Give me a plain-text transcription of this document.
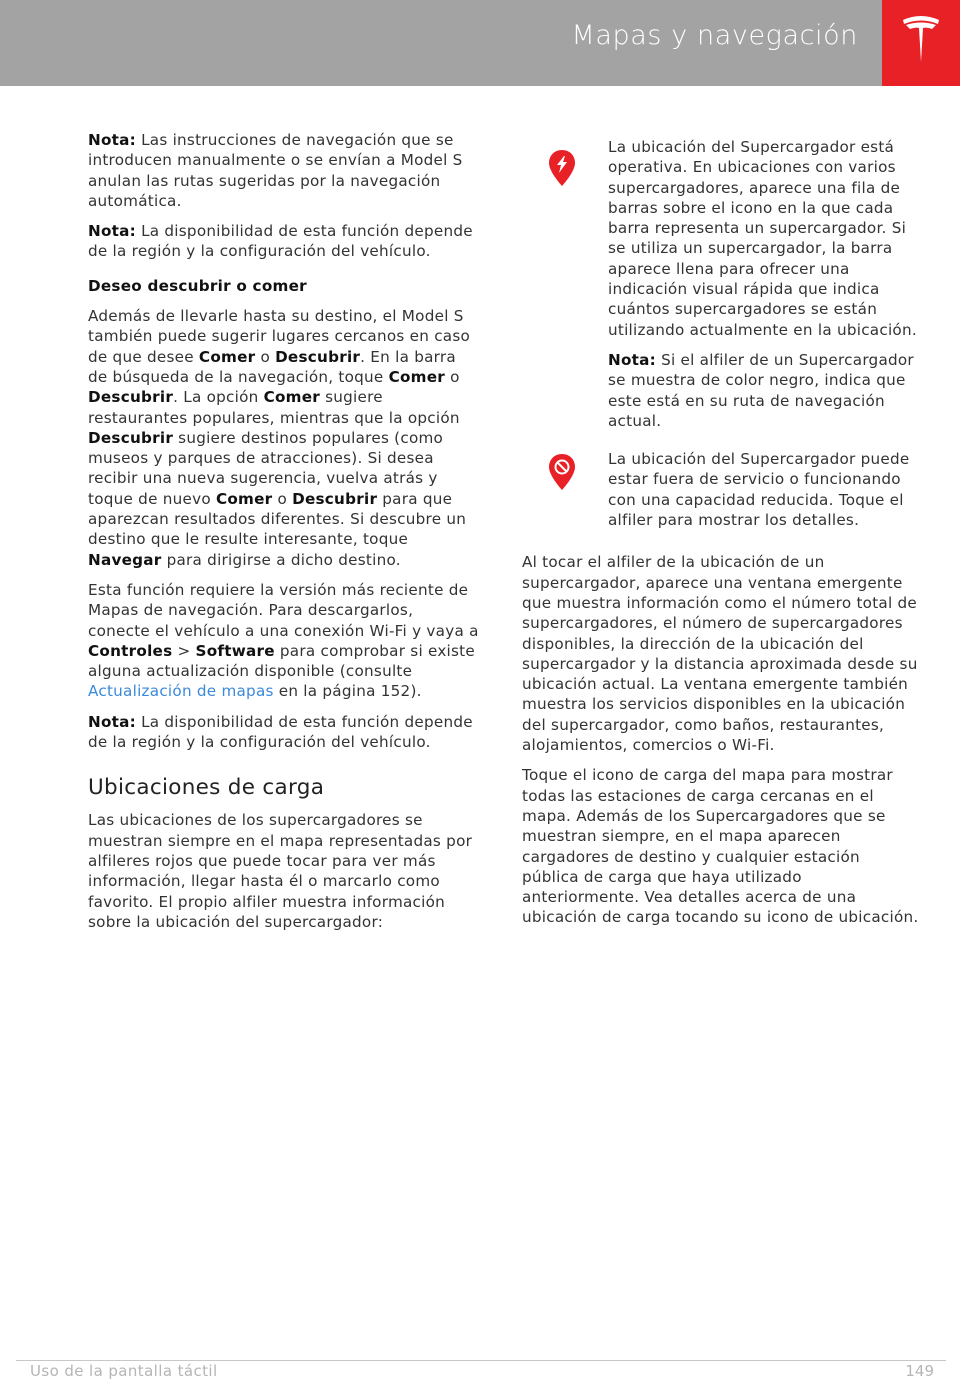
Mapas y navegación

Nota: Las instrucciones de navegación que se introducen manualmente o se envían a Model S anulan las rutas sugeridas por la navegación automática.

Nota: La disponibilidad de esta función depende de la región y la configuración del vehículo.

Deseo descubrir o comer

Además de llevarle hasta su destino, el Model S también puede sugerir lugares cercanos en caso de que desee Comer o Descubrir. En la barra de búsqueda de la navegación, toque Comer o Descubrir. La opción Comer sugiere restaurantes populares, mientras que la opción Descubrir sugiere destinos populares (como museos y parques de atracciones). Si desea recibir una nueva sugerencia, vuelva atrás y toque de nuevo Comer o Descubrir para que aparezcan resultados diferentes. Si descubre un destino que le resulte interesante, toque Navegar para dirigirse a dicho destino.

Esta función requiere la versión más reciente de Mapas de navegación. Para descargarlos, conecte el vehículo a una conexión Wi-Fi y vaya a Controles > Software para comprobar si existe alguna actualización disponible (consulte Actualización de mapas en la página 152).

Nota: La disponibilidad de esta función depende de la región y la configuración del vehículo.

Ubicaciones de carga

Las ubicaciones de los supercargadores se muestran siempre en el mapa representadas por alfileres rojos que puede tocar para ver más información, llegar hasta él o marcarlo como favorito. El propio alfiler muestra información sobre la ubicación del supercargador:

La ubicación del Supercargador está operativa. En ubicaciones con varios supercargadores, aparece una fila de barras sobre el icono en la que cada barra representa un supercargador. Si se utiliza un supercargador, la barra aparece llena para ofrecer una indicación visual rápida que indica cuántos supercargadores se están utilizando actualmente en la ubicación.

Nota: Si el alfiler de un Supercargador se muestra de color negro, indica que este está en su ruta de navegación actual.

La ubicación del Supercargador puede estar fuera de servicio o funcionando con una capacidad reducida. Toque el alfiler para mostrar los detalles.

Al tocar el alfiler de la ubicación de un supercargador, aparece una ventana emergente que muestra información como el número total de supercargadores, el número de supercargadores disponibles, la dirección de la ubicación del supercargador y la distancia aproximada desde su ubicación actual. La ventana emergente también muestra los servicios disponibles en la ubicación del supercargador, como baños, restaurantes, alojamientos, comercios o Wi-Fi.

Toque el icono de carga del mapa para mostrar todas las estaciones de carga cercanas en el mapa. Además de los Supercargadores que se muestran siempre, en el mapa aparecen cargadores de destino y cualquier estación pública de carga que haya utilizado anteriormente. Vea detalles acerca de una ubicación de carga tocando su icono de ubicación.

Uso de la pantalla táctil	149
